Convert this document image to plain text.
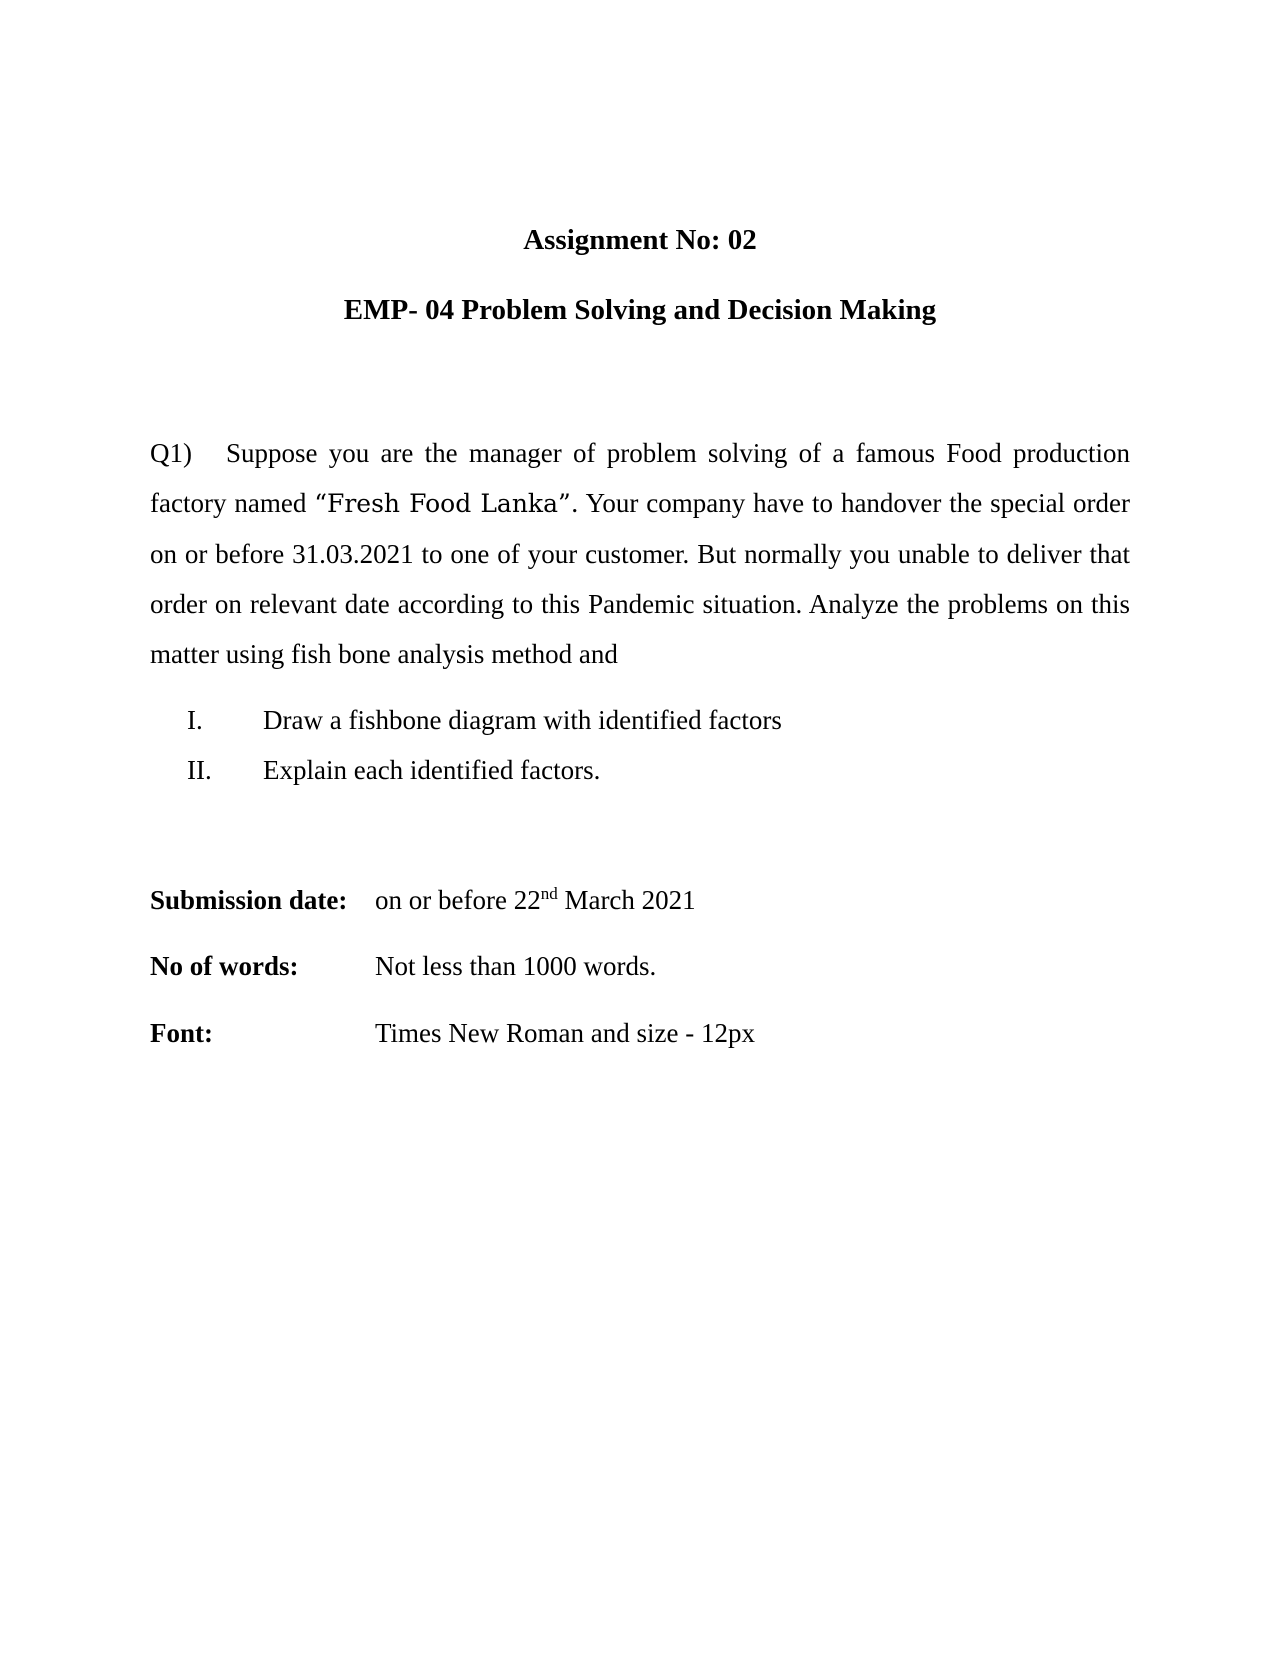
Assignment No: 02
EMP- 04 Problem Solving and Decision Making
Q1) Suppose you are the manager of problem solving of a famous Food production factory named “Fresh Food Lanka”. Your company have to handover the special order on or before 31.03.2021 to one of your customer. But normally you unable to deliver that order on relevant date according to this Pandemic situation. Analyze the problems on this matter using fish bone analysis method and
I.	Draw a fishbone diagram with identified factors
II.	Explain each identified factors.
Submission date:	on or before 22nd March 2021
No of words:	Not less than 1000 words.
Font:	Times New Roman and size - 12px
